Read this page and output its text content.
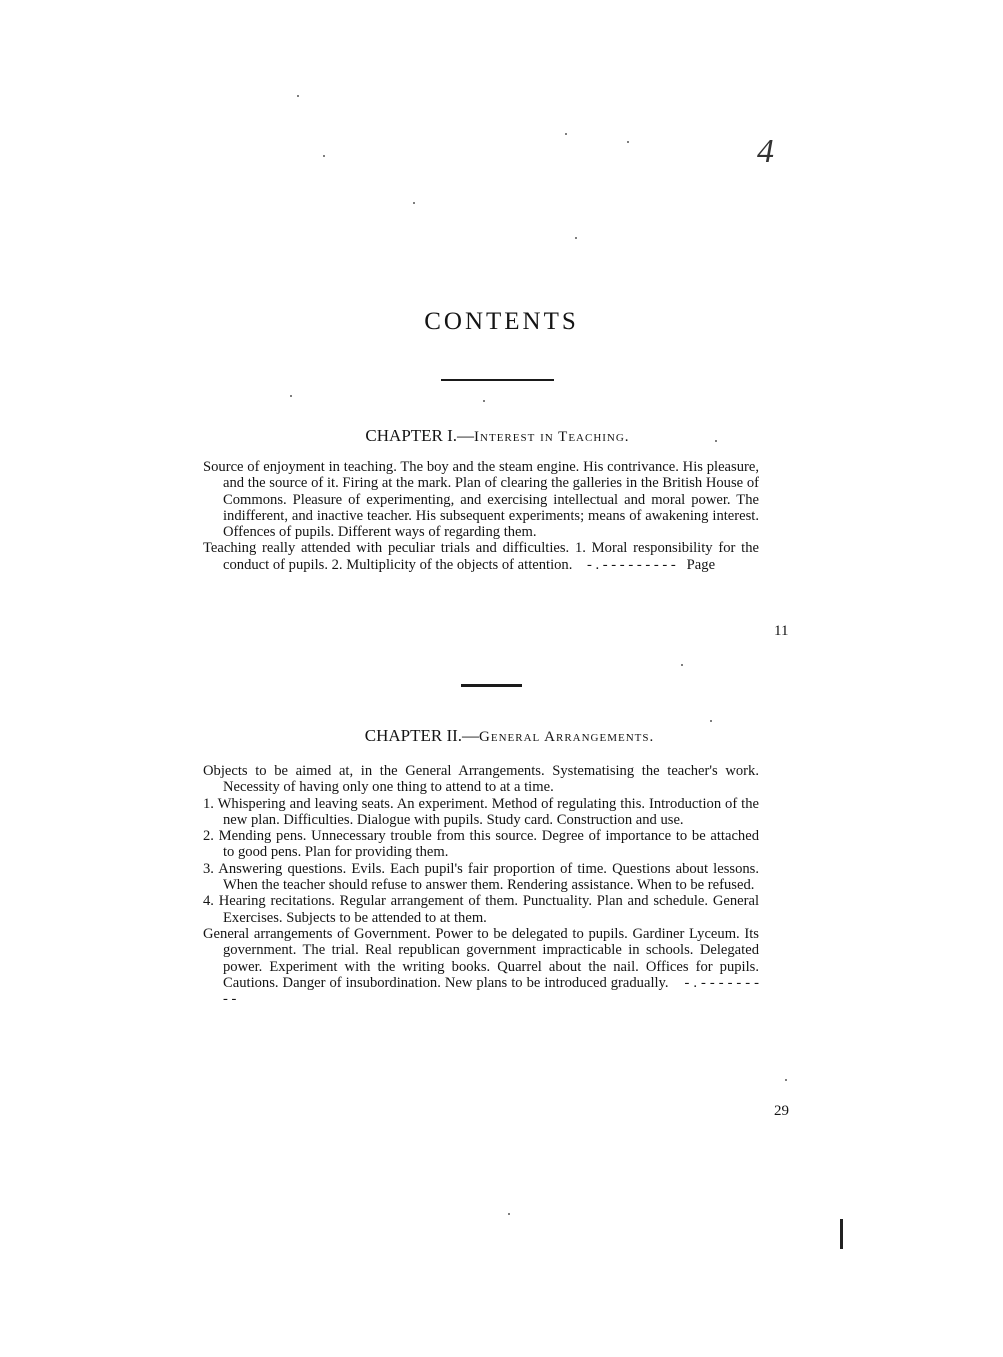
4
CONTENTS
CHAPTER I.—Interest in Teaching.

Source of enjoyment in teaching. The boy and the steam engine. His contrivance. His pleasure, and the source of it. Firing at the mark. Plan of clearing the galleries in the British House of Commons. Pleasure of experimenting, and exercising intellectual and moral power. The indifferent, and inactive teacher. His subsequent experiments; means of awakening interest. Offences of pupils. Different ways of regarding them.

Teaching really attended with peculiar trials and difficulties. 1. Moral responsibility for the conduct of pupils. 2. Multiplicity of the objects of attention. - . - - - - - - - - - Page

11
CHAPTER II.—General Arrangements.

Objects to be aimed at, in the General Arrangements. Systematising the teacher's work. Necessity of having only one thing to attend to at a time.

1. Whispering and leaving seats. An experiment. Method of regulating this. Introduction of the new plan. Difficulties. Dialogue with pupils. Study card. Construction and use.

2. Mending pens. Unnecessary trouble from this source. Degree of importance to be attached to good pens. Plan for providing them.

3. Answering questions. Evils. Each pupil's fair proportion of time. Questions about lessons. When the teacher should refuse to answer them. Rendering assistance. When to be refused.

4. Hearing recitations. Regular arrangement of them. Punctuality. Plan and schedule. General Exercises. Subjects to be attended to at them.

General arrangements of Government. Power to be delegated to pupils. Gardiner Lyceum. Its government. The trial. Real republican government impracticable in schools. Delegated power. Experiment with the writing books. Quarrel about the nail. Offices for pupils. Cautions. Danger of insubordination. New plans to be introduced gradually. - . - - - - - - - - -

29
